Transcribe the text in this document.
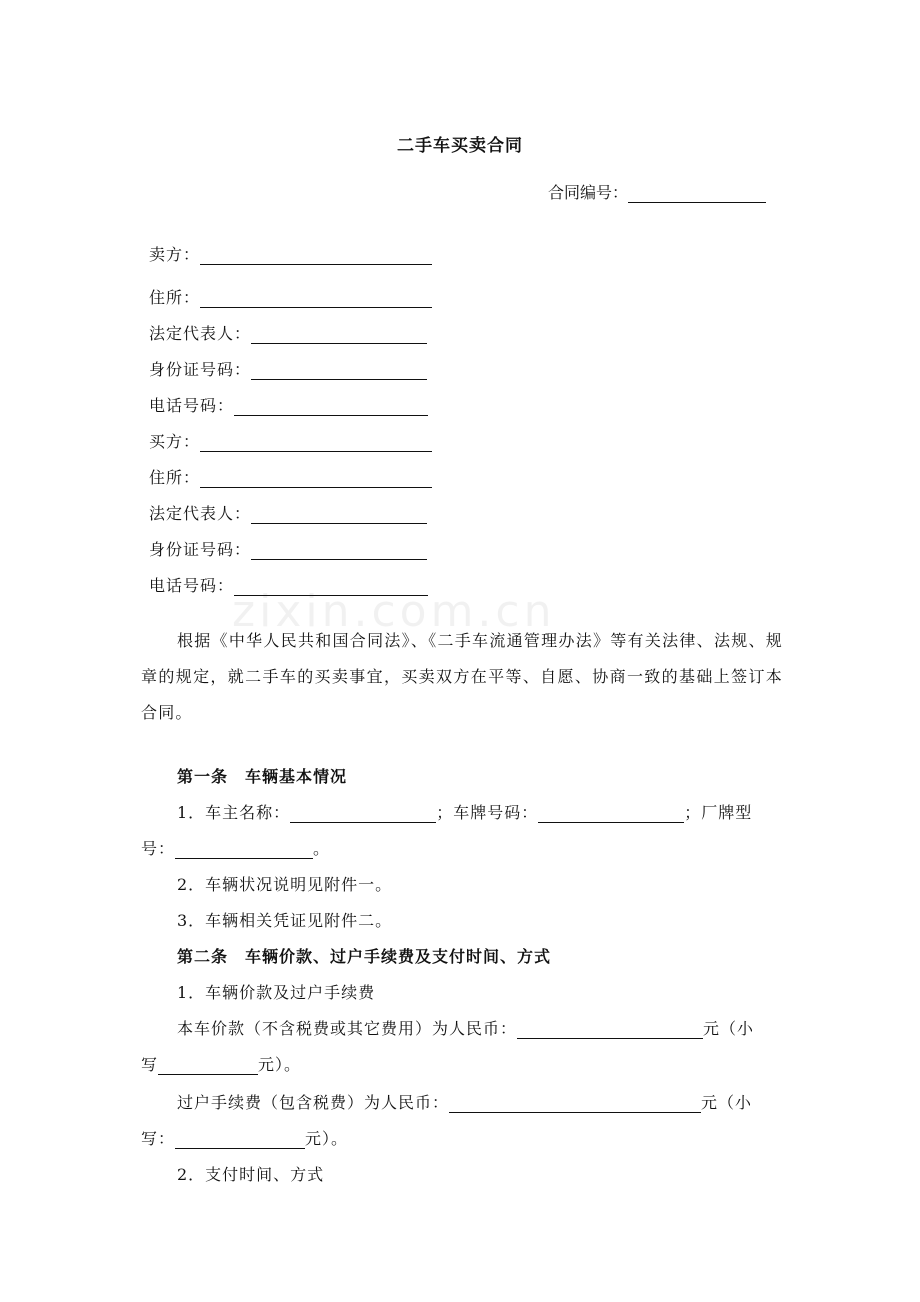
zixin.com.cn
二手车买卖合同
合同编号：
卖方：
住所：
法定代表人：
身份证号码：
电话号码：
买方：
住所：
法定代表人：
身份证号码：
电话号码：
根据《中华人民共和国合同法》、《二手车流通管理办法》等有关法律、法规、规章的规定，就二手车的买卖事宜，买卖双方在平等、自愿、协商一致的基础上签订本合同。
第一条　车辆基本情况
1．车主名称：	；车牌号码：	；厂牌型
号：	。
2．车辆状况说明见附件一。
3．车辆相关凭证见附件二。
第二条　车辆价款、过户手续费及支付时间、方式
1．车辆价款及过户手续费
本车价款（不含税费或其它费用）为人民币：	元（小
写	元）。
过户手续费（包含税费）为人民币：	元（小
写：	元）。
2．支付时间、方式
